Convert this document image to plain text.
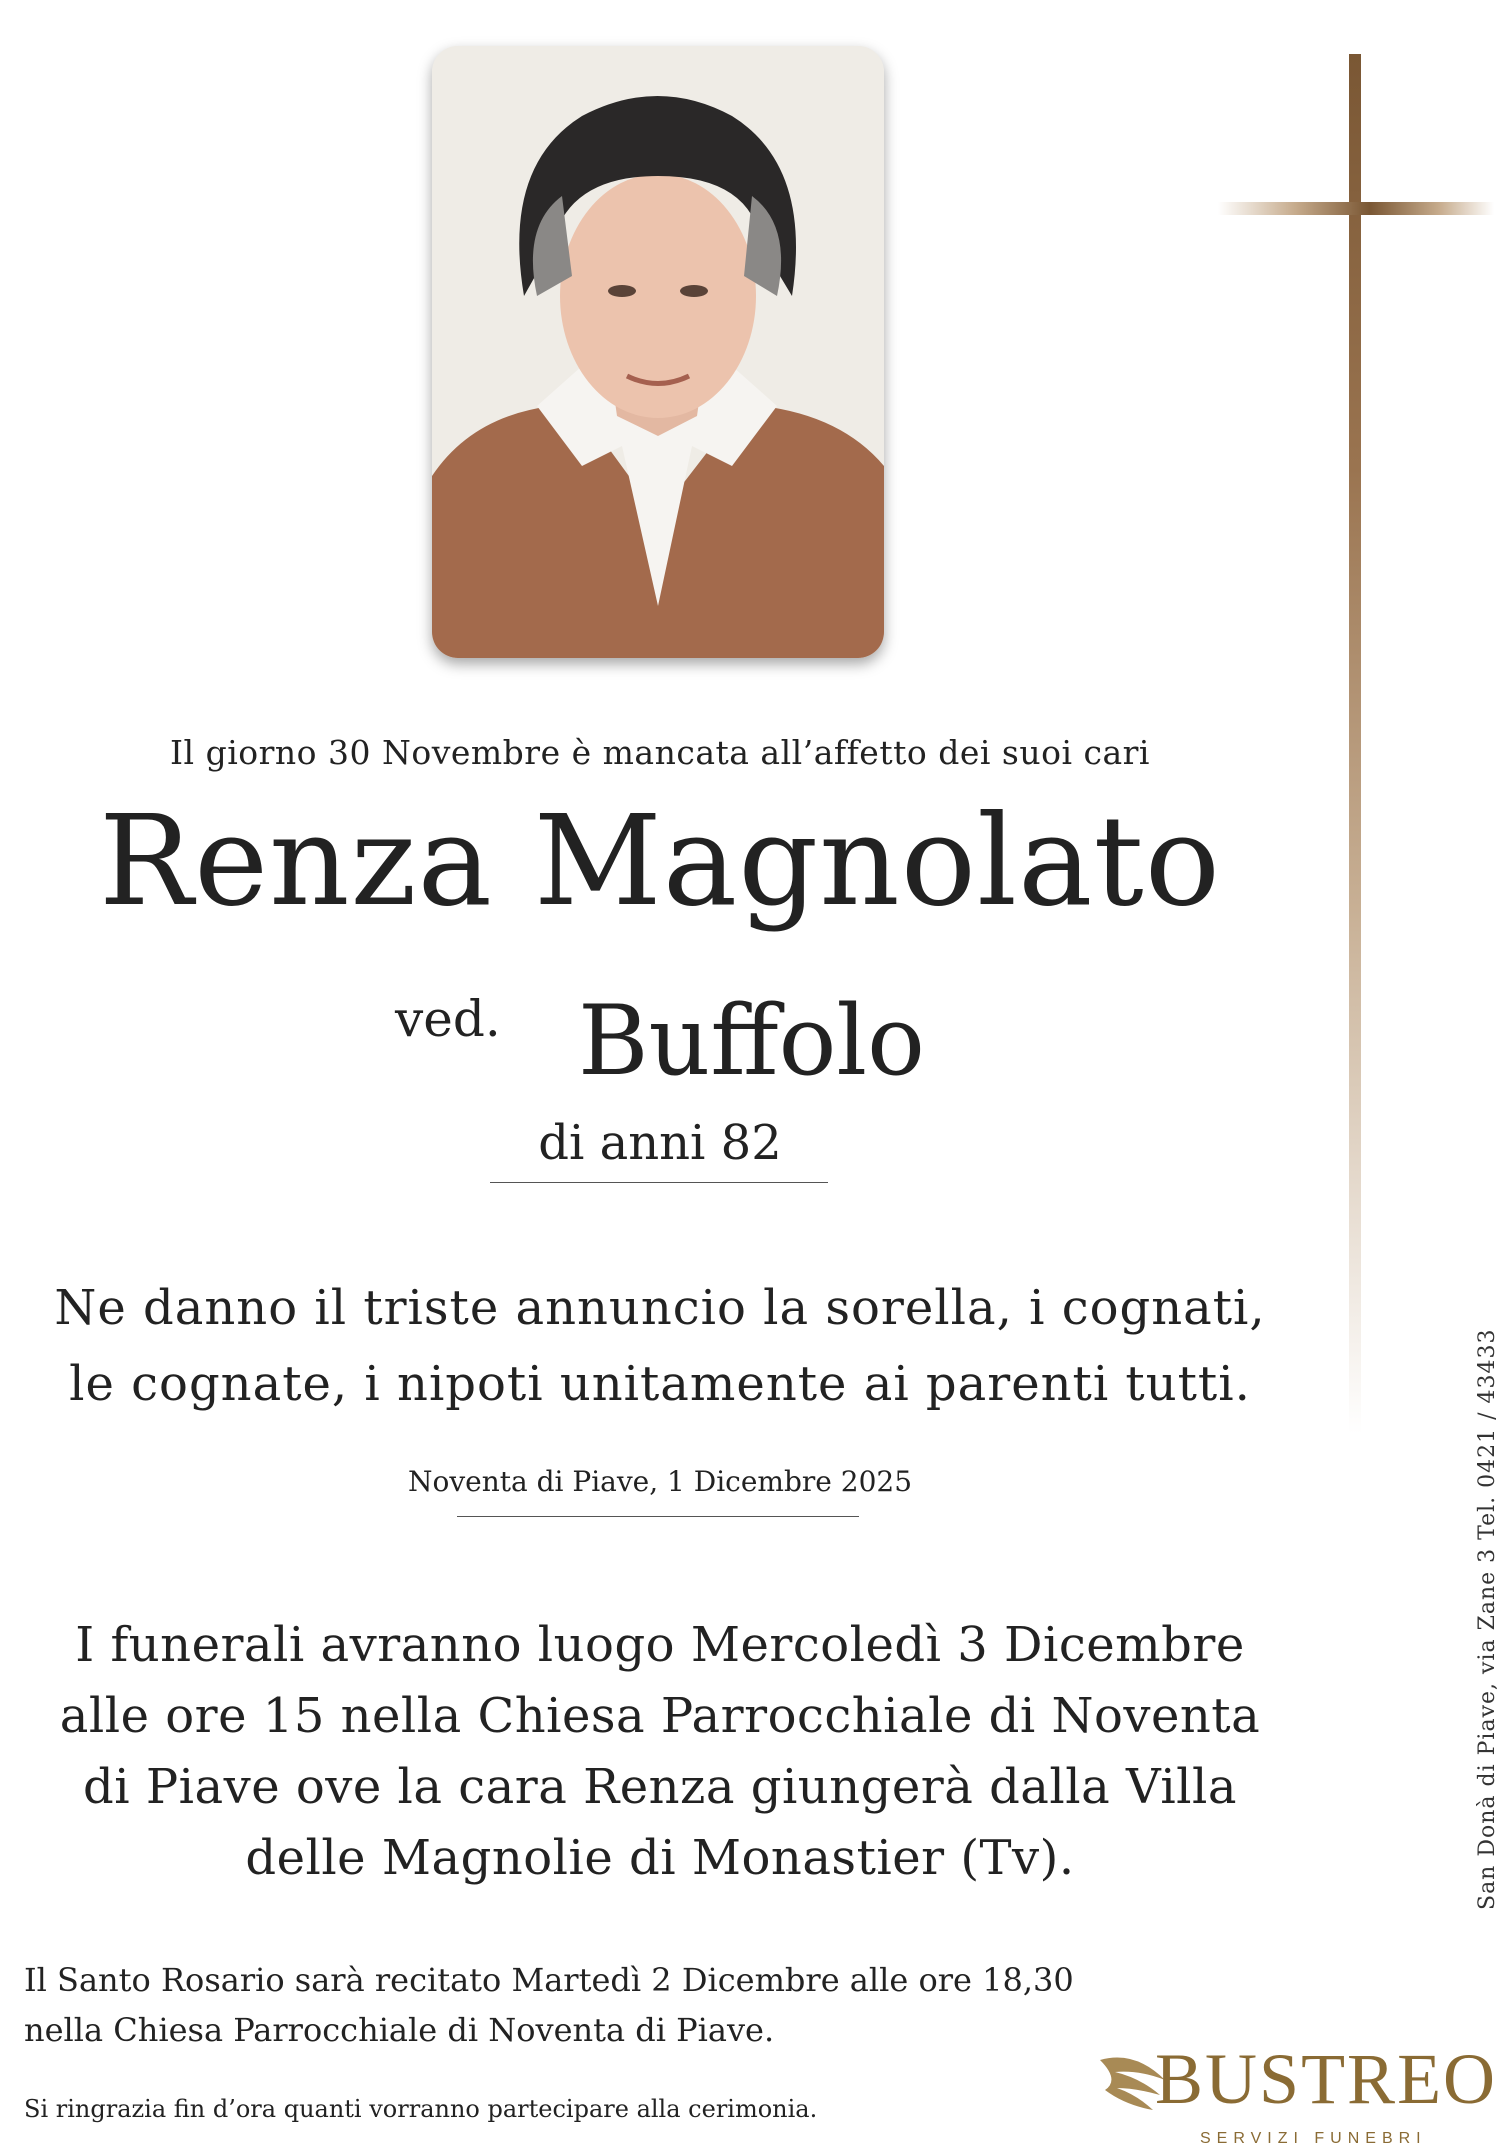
Il giorno 30 Novembre è mancata all’affetto dei suoi cari
Renza Magnolato
ved. Buffolo
di anni 82
Ne danno il triste annuncio la sorella, i cognati,
le cognate, i nipoti unitamente ai parenti tutti.
Noventa di Piave, 1 Dicembre 2025
I funerali avranno luogo Mercoledì 3 Dicembre
alle ore 15 nella Chiesa Parrocchiale di Noventa
di Piave ove la cara Renza giungerà dalla Villa
delle Magnolie di Monastier (Tv).
Il Santo Rosario sarà recitato Martedì 2 Dicembre alle ore 18,30
nella Chiesa Parrocchiale di Noventa di Piave.
Si ringrazia fin d’ora quanti vorranno partecipare alla cerimonia.
San Donà di Piave, via Zane 3 Tel. 0421 / 43433
BUSTREO
SERVIZI FUNEBRI
